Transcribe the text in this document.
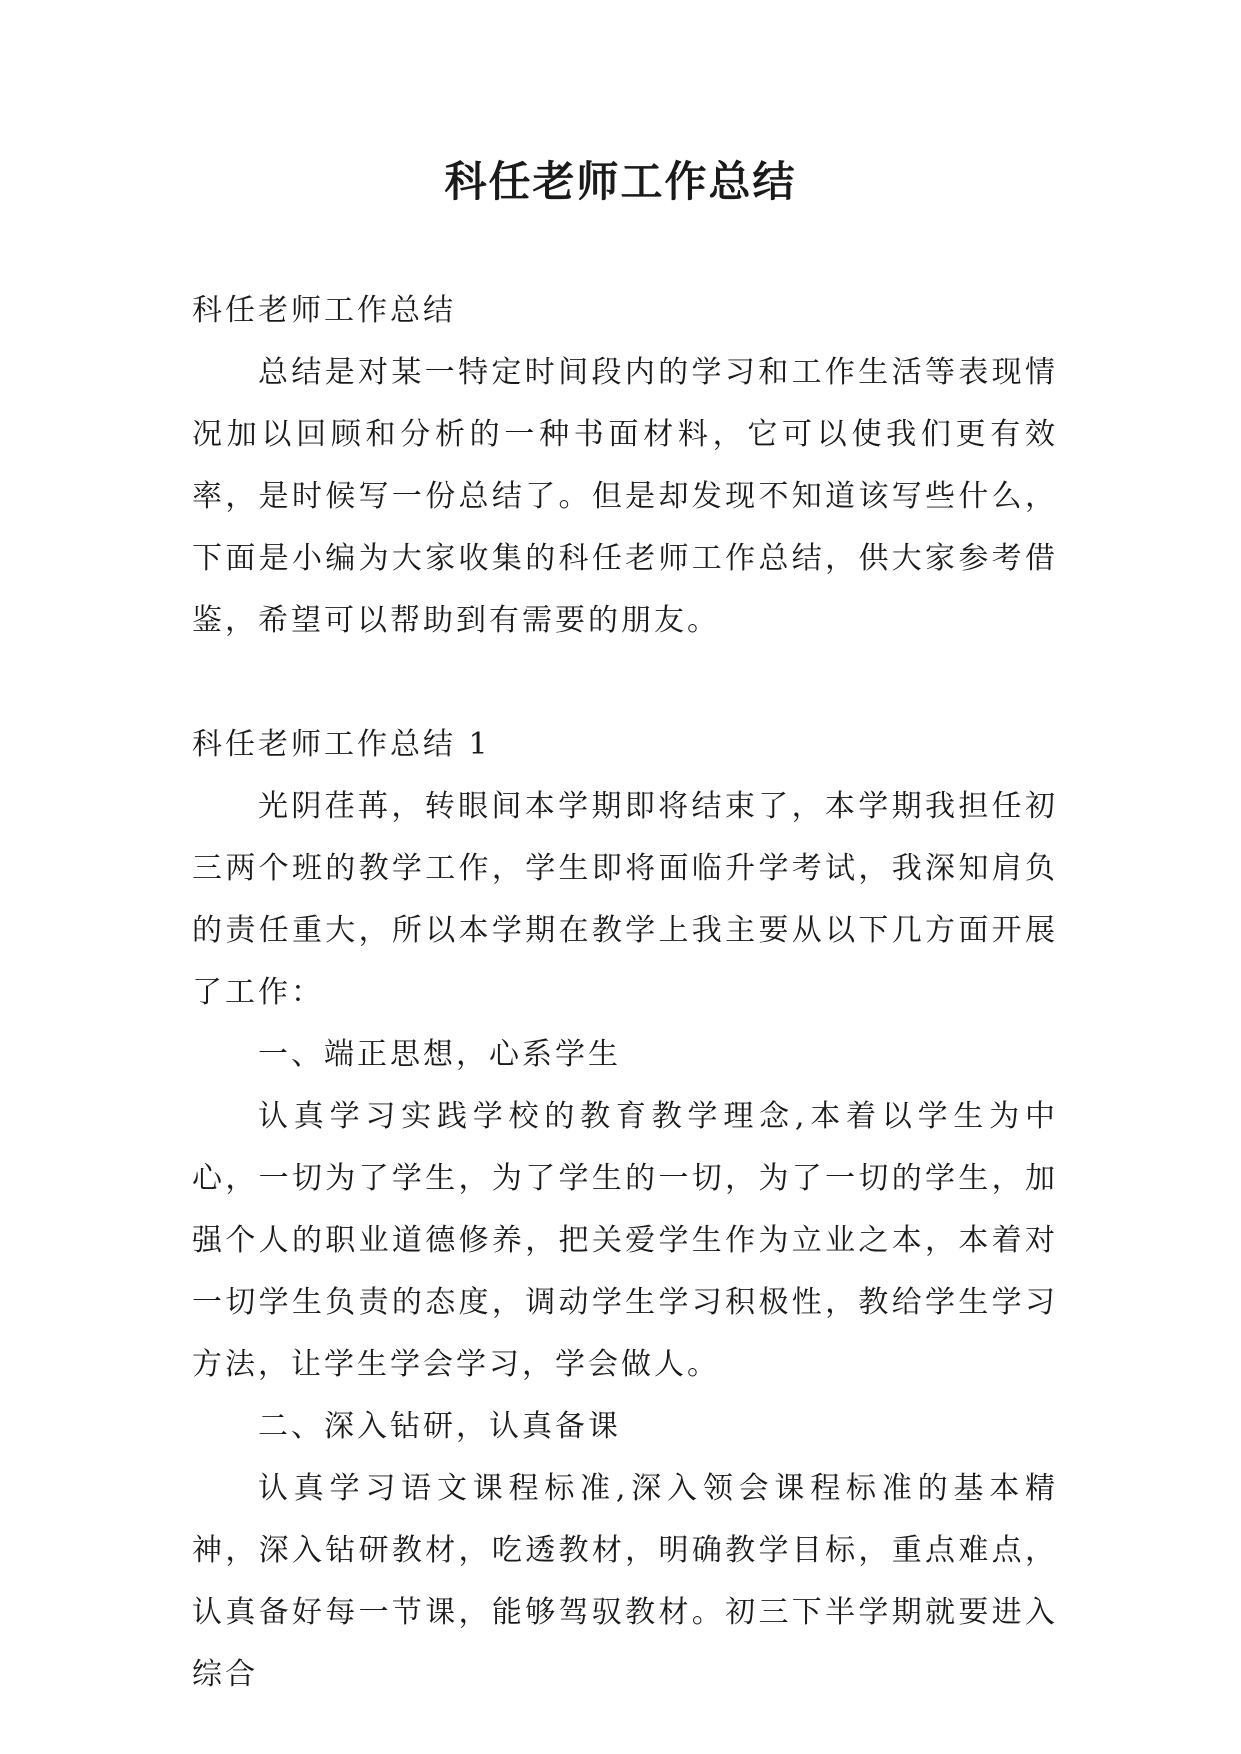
科任老师工作总结

科任老师工作总结

总结是对某一特定时间段内的学习和工作生活等表现情况加以回顾和分析的一种书面材料，它可以使我们更有效率，是时候写一份总结了。但是却发现不知道该写些什么，下面是小编为大家收集的科任老师工作总结，供大家参考借鉴，希望可以帮助到有需要的朋友。

科任老师工作总结 1

光阴荏苒，转眼间本学期即将结束了，本学期我担任初三两个班的教学工作，学生即将面临升学考试，我深知肩负的责任重大，所以本学期在教学上我主要从以下几方面开展了工作：

一、端正思想，心系学生

认真学习实践学校的教育教学理念,本着以学生为中心，一切为了学生，为了学生的一切，为了一切的学生，加强个人的职业道德修养，把关爱学生作为立业之本，本着对一切学生负责的态度，调动学生学习积极性，教给学生学习方法，让学生学会学习，学会做人。

二、深入钻研，认真备课

认真学习语文课程标准,深入领会课程标准的基本精神，深入钻研教材，吃透教材，明确教学目标，重点难点，认真备好每一节课，能够驾驭教材。初三下半学期就要进入综合
